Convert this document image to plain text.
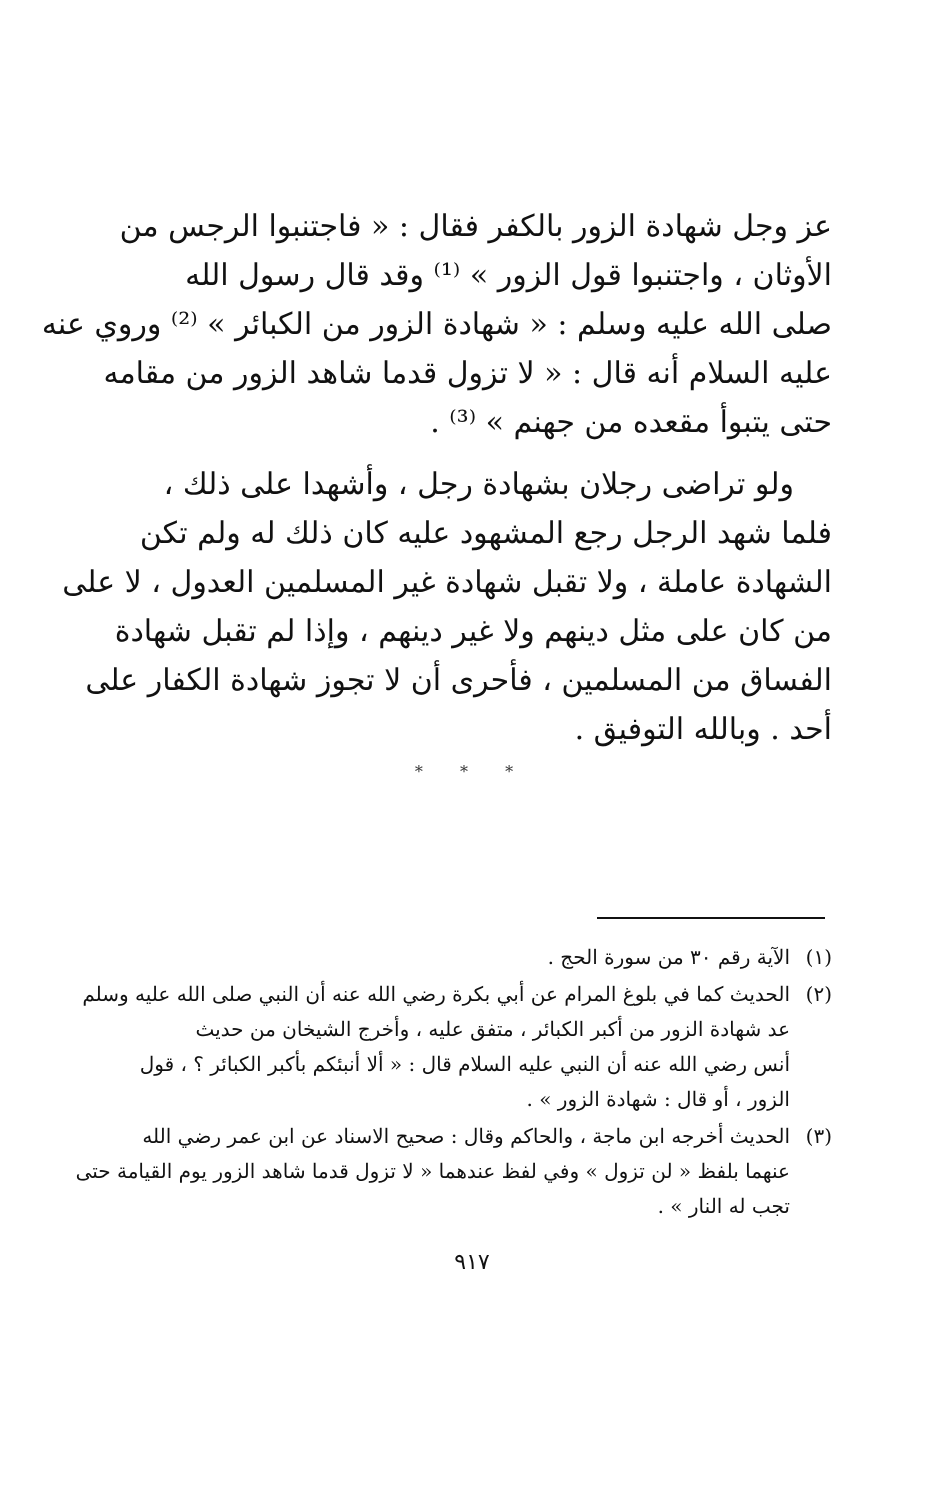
عز وجل شهادة الزور بالكفر فقال : « فاجتنبوا الرجس من
الأوثان ، واجتنبوا قول الزور » ⁽¹⁾ وقد قال رسول الله
صلى الله عليه وسلم : « شهادة الزور من الكبائر » ⁽²⁾ وروي عنه
عليه السلام أنه قال : « لا تزول قدما شاهد الزور من مقامه
حتى يتبوأ مقعده من جهنم » ⁽³⁾ .
ولو تراضى رجلان بشهادة رجل ، وأشهدا على ذلك ،
فلما شهد الرجل رجع المشهود عليه كان ذلك له ولم تكن
الشهادة عاملة ، ولا تقبل شهادة غير المسلمين العدول ، لا على
من كان على مثل دينهم ولا غير دينهم ، وإذا لم تقبل شهادة
الفساق من المسلمين ، فأحرى أن لا تجوز شهادة الكفار على
أحد . وبالله التوفيق .
* * *
(١)
الآية رقم ٣٠ من سورة الحج .
(٢)
الحديث كما في بلوغ المرام عن أبي بكرة رضي الله عنه أن النبي صلى الله عليه وسلم
عد شهادة الزور من أكبر الكبائر ، متفق عليه ، وأخرج الشيخان من حديث
أنس رضي الله عنه أن النبي عليه السلام قال : « ألا أنبئكم بأكبر الكبائر ؟ ، قول
الزور ، أو قال : شهادة الزور » .
(٣)
الحديث أخرجه ابن ماجة ، والحاكم وقال : صحيح الاسناد عن ابن عمر رضي الله
عنهما بلفظ « لن تزول » وفي لفظ عندهما « لا تزول قدما شاهد الزور يوم القيامة حتى
تجب له النار » .
٩١٧
